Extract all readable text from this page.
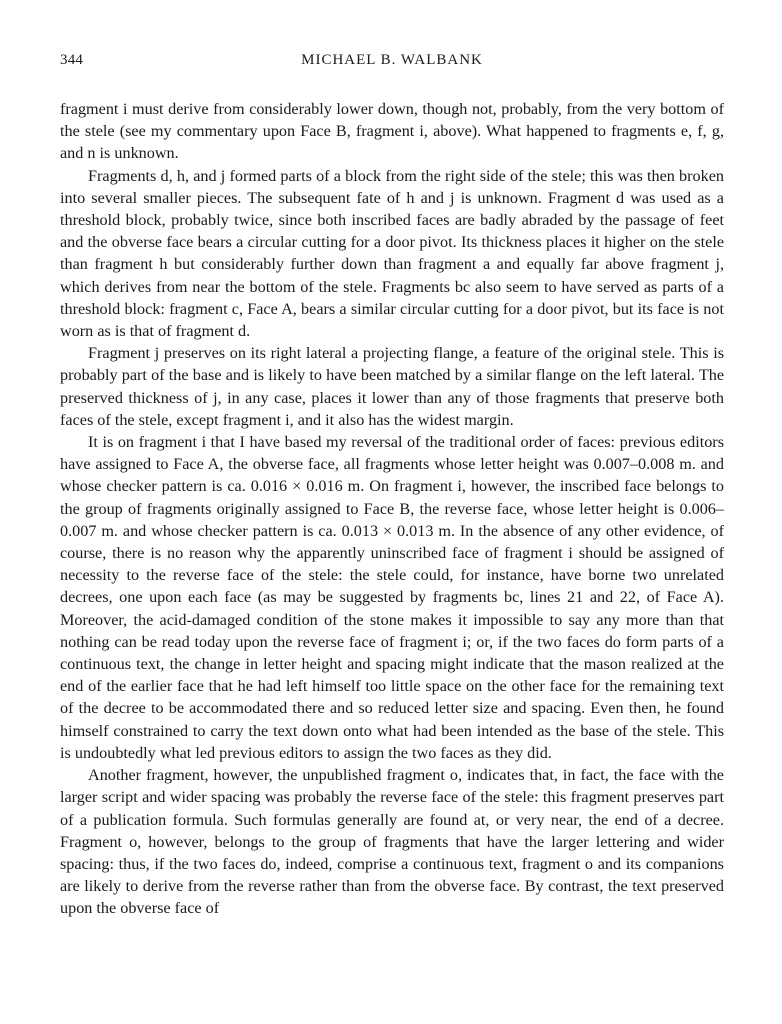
344	MICHAEL B. WALBANK

fragment i must derive from considerably lower down, though not, probably, from the very bottom of the stele (see my commentary upon Face B, fragment i, above). What happened to fragments e, f, g, and n is unknown.

Fragments d, h, and j formed parts of a block from the right side of the stele; this was then broken into several smaller pieces. The subsequent fate of h and j is unknown. Fragment d was used as a threshold block, probably twice, since both inscribed faces are badly abraded by the passage of feet and the obverse face bears a circular cutting for a door pivot. Its thickness places it higher on the stele than fragment h but considerably further down than fragment a and equally far above fragment j, which derives from near the bottom of the stele. Fragments bc also seem to have served as parts of a threshold block: fragment c, Face A, bears a similar circular cutting for a door pivot, but its face is not worn as is that of fragment d.

Fragment j preserves on its right lateral a projecting flange, a feature of the original stele. This is probably part of the base and is likely to have been matched by a similar flange on the left lateral. The preserved thickness of j, in any case, places it lower than any of those fragments that preserve both faces of the stele, except fragment i, and it also has the widest margin.

It is on fragment i that I have based my reversal of the traditional order of faces: previous editors have assigned to Face A, the obverse face, all fragments whose letter height was 0.007–0.008 m. and whose checker pattern is ca. 0.016 × 0.016 m. On fragment i, however, the inscribed face belongs to the group of fragments originally assigned to Face B, the reverse face, whose letter height is 0.006–0.007 m. and whose checker pattern is ca. 0.013 × 0.013 m. In the absence of any other evidence, of course, there is no reason why the apparently uninscribed face of fragment i should be assigned of necessity to the reverse face of the stele: the stele could, for instance, have borne two unrelated decrees, one upon each face (as may be suggested by fragments bc, lines 21 and 22, of Face A). Moreover, the acid-damaged condition of the stone makes it impossible to say any more than that nothing can be read today upon the reverse face of fragment i; or, if the two faces do form parts of a continuous text, the change in letter height and spacing might indicate that the mason realized at the end of the earlier face that he had left himself too little space on the other face for the remaining text of the decree to be accommodated there and so reduced letter size and spacing. Even then, he found himself constrained to carry the text down onto what had been intended as the base of the stele. This is undoubtedly what led previous editors to assign the two faces as they did.

Another fragment, however, the unpublished fragment o, indicates that, in fact, the face with the larger script and wider spacing was probably the reverse face of the stele: this fragment preserves part of a publication formula. Such formulas generally are found at, or very near, the end of a decree. Fragment o, however, belongs to the group of fragments that have the larger lettering and wider spacing: thus, if the two faces do, indeed, comprise a continuous text, fragment o and its companions are likely to derive from the reverse rather than from the obverse face. By contrast, the text preserved upon the obverse face of
